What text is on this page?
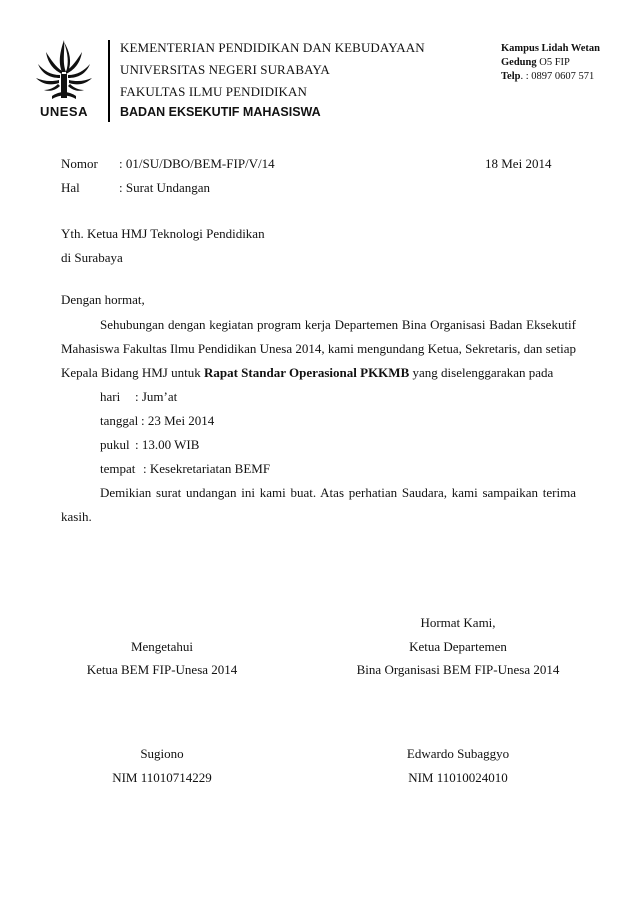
UNESA
KEMENTERIAN PENDIDIKAN DAN KEBUDAYAAN
UNIVERSITAS NEGERI SURABAYA
FAKULTAS ILMU PENDIDIKAN
BADAN EKSEKUTIF MAHASISWA
Kampus Lidah Wetan
Gedung O5 FIP
Telp. : 0897 0607 571
Nomor : 01/SU/DBO/BEM-FIP/V/14	18 Mei 2014
Hal	: Surat Undangan
Yth. Ketua HMJ Teknologi Pendidikan
di Surabaya
Dengan hormat,
Sehubungan dengan kegiatan program kerja Departemen Bina Organisasi Badan Eksekutif
Mahasiswa Fakultas Ilmu Pendidikan Unesa 2014, kami mengundang Ketua, Sekretaris, dan setiap
Kepala Bidang HMJ untuk Rapat Standar Operasional PKKMB yang diselenggarakan pada
hari : Jum’at
tanggal : 23 Mei 2014
pukul : 13.00 WIB
tempat : Kesekretariatan BEMF
Demikian surat undangan ini kami buat. Atas perhatian Saudara, kami sampaikan terima
kasih.
Hormat Kami,
Ketua Departemen
Bina Organisasi BEM FIP-Unesa 2014
Edwardo Subaggyo
NIM 11010024010
Mengetahui
Ketua BEM FIP-Unesa 2014
Sugiono
NIM 11010714229
